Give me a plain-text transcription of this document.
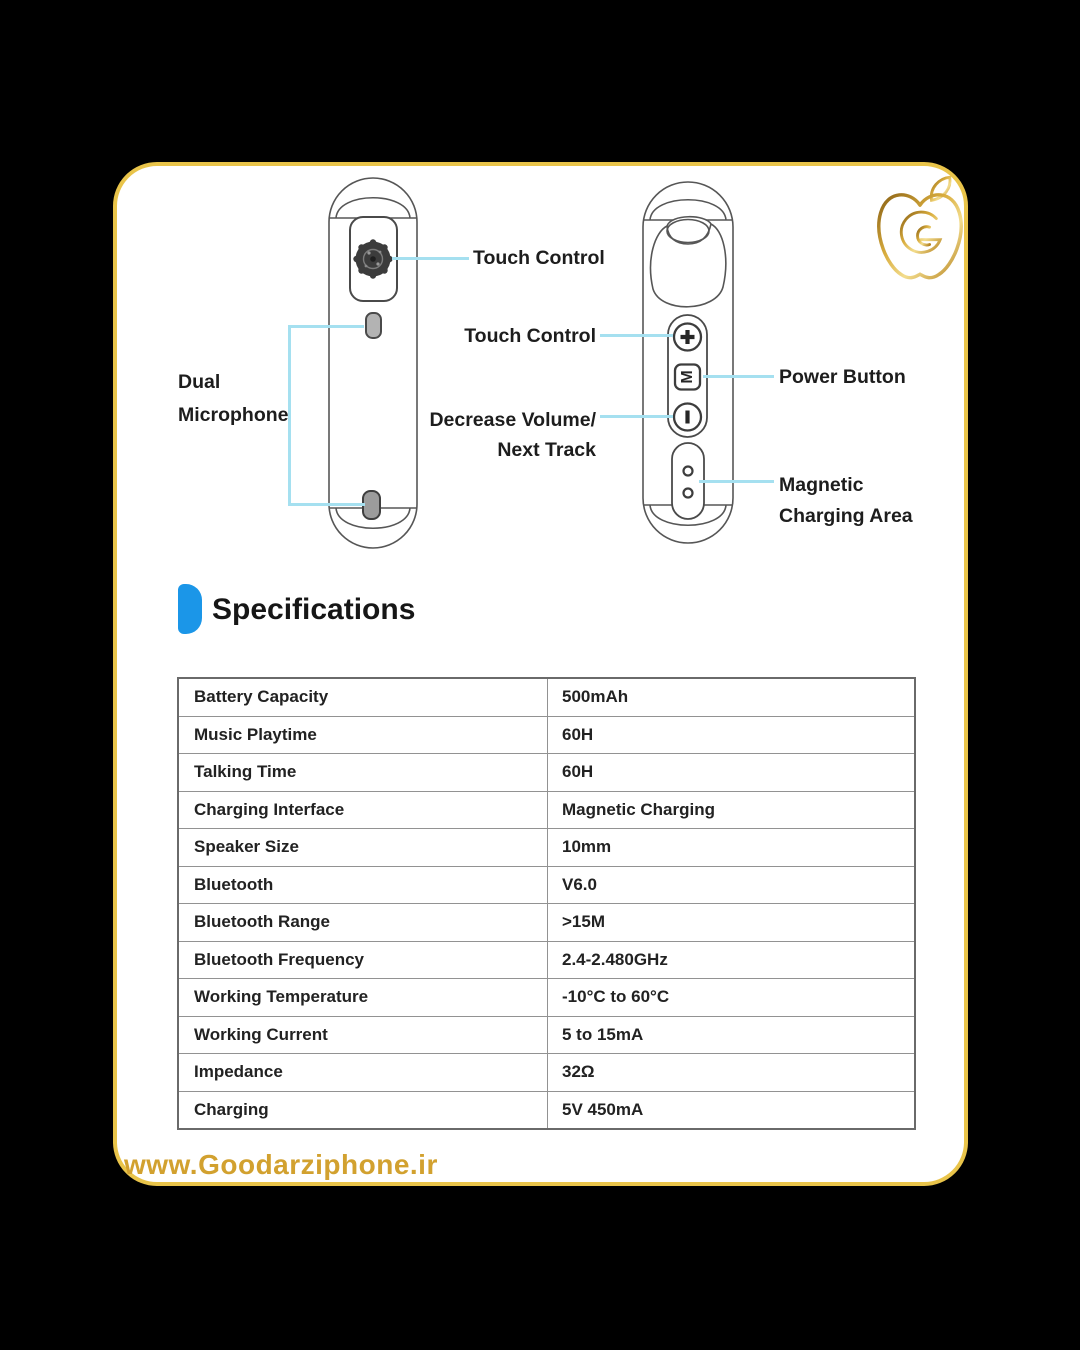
M
Touch Control
Touch Control
Dual
Microphone	Decrease Volume/
Next Track
Power Button
Magnetic
Charging Area
Specifications
Battery Capacity	500mAh
Music Playtime	60H
Talking Time	60H
Charging Interface	Magnetic Charging
Speaker Size	10mm
Bluetooth	V6.0
Bluetooth Range	>15M
Bluetooth Frequency	2.4-2.480GHz
Working Temperature	-10°C to 60°C
Working Current	5 to 15mA
Impedance	32Ω
Charging	5V 450mA
www.Goodarziphone.ir
